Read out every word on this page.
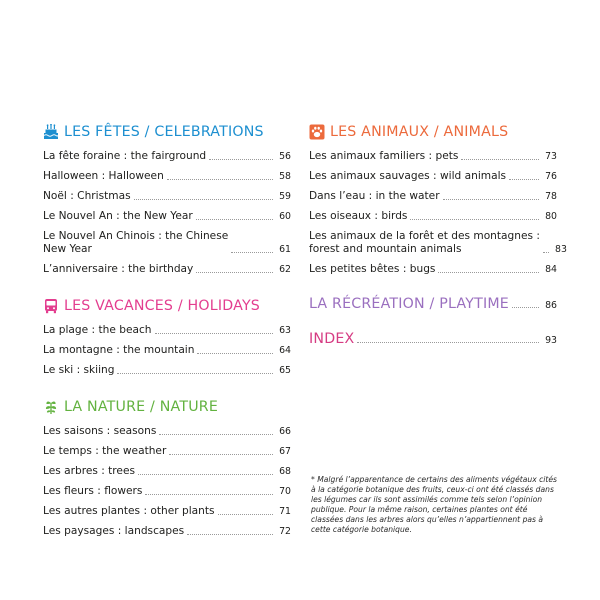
LES FÊTES / CELEBRATIONS
La fête foraine : the fairground	56
Halloween : Halloween	58
Noël : Christmas	59
Le Nouvel An : the New Year	60
Le Nouvel An Chinois : the Chinese
New Year	61
L’anniversaire : the birthday	62
LES VACANCES / HOLIDAYS
La plage : the beach	63
La montagne : the mountain	64
Le ski : skiing	65
LA NATURE / NATURE
Les saisons : seasons	66
Le temps : the weather	67
Les arbres : trees	68
Les fleurs : flowers	70
Les autres plantes : other plants	71
Les paysages : landscapes	72
LES ANIMAUX / ANIMALS
Les animaux familiers : pets	73
Les animaux sauvages : wild animals	76
Dans l’eau : in the water	78
Les oiseaux : birds	80
Les animaux de la forêt et des montagnes :
forest and mountain animals	83
Les petites bêtes : bugs	84
LA RÉCRÉATION / PLAYTIME	86
INDEX	93
* Malgré l’apparentance de certains des aliments végétaux cités à la catégorie botanique des fruits, ceux-ci ont été classés dans les légumes car ils sont assimilés comme tels selon l’opinion publique. Pour la même raison, certaines plantes ont été classées dans les arbres alors qu’elles n’appartiennent pas à cette catégorie botanique.
